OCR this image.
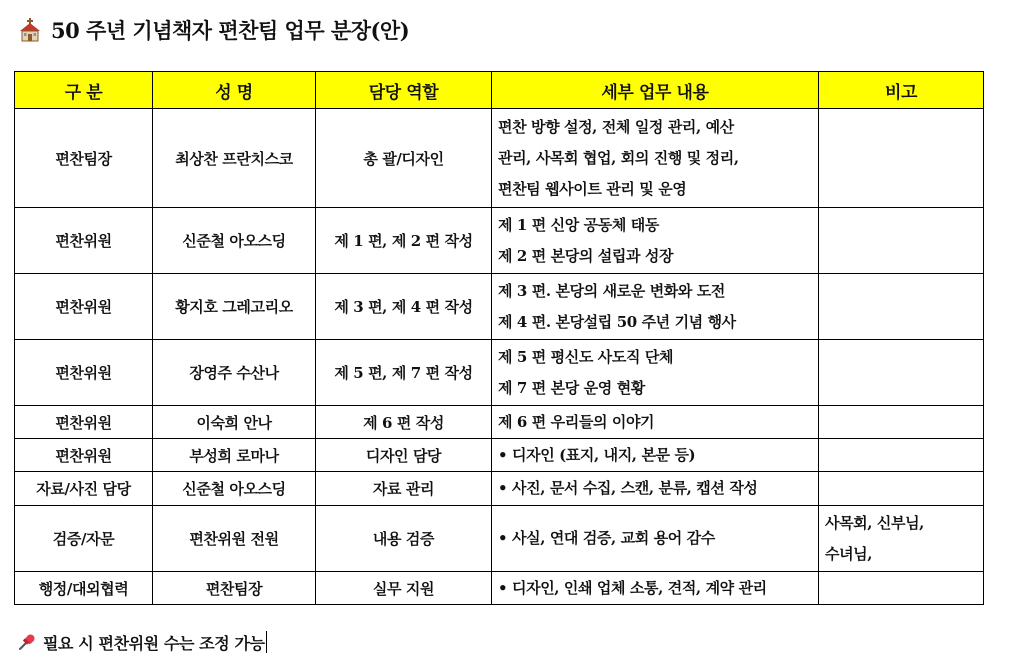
50 주년 기념책자 편찬팀 업무 분장(안)
구 분	성 명	담당 역할	세부 업무 내용	비고
편찬팀장	최상찬 프란치스코	총 괄/디자인	편찬 방향 설정, 전체 일정 관리, 예산
관리, 사목회 협업, 회의 진행 및 정리,
편찬팀 웹사이트 관리 및 운영	

편찬위원	신준철 아오스딩	제 1 편, 제 2 편 작성	제 1 편 신앙 공동체 태동
제 2 편 본당의 설립과 성장	

편찬위원	황지호 그레고리오	제 3 편, 제 4 편 작성	제 3 편. 본당의 새로운 변화와 도전
제 4 편. 본당설립 50 주년 기념 행사	

편찬위원	장영주 수산나	제 5 편, 제 7 편 작성	제 5 편 평신도 사도직 단체
제 7 편 본당 운영 현황	

편찬위원	이숙희 안나	제 6 편 작성	제 6 편 우리들의 이야기	

편찬위원	부성희 로마나	디자인 담당	• 디자인 (표지, 내지, 본문 등)	

자료/사진 담당	신준철 아오스딩	자료 관리	• 사진, 문서 수집, 스캔, 분류, 캡션 작성	

검증/자문	편찬위원 전원	내용 검증	• 사실, 연대 검증, 교회 용어 감수	사목회, 신부님,
수녀님,

행정/대외협력	편찬팀장	실무 지원	• 디자인, 인쇄 업체 소통, 견적, 계약 관리	

필요 시 편찬위원 수는 조정 가능
